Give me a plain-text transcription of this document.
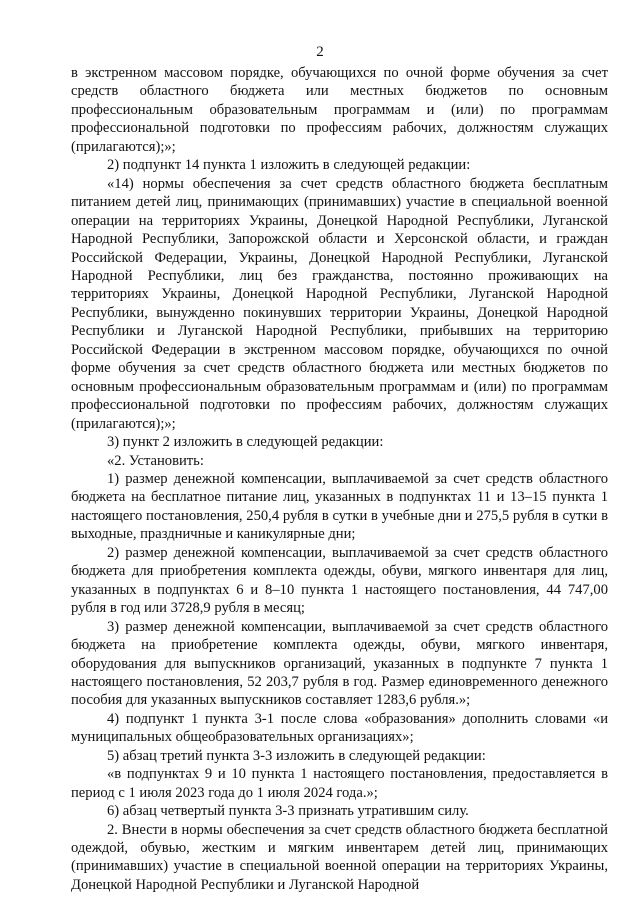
2

в экстренном массовом порядке, обучающихся по очной форме обучения за счет средств областного бюджета или местных бюджетов по основным профессиональным образовательным программам и (или) по программам профессиональной подготовки по профессиям рабочих, должностям служащих (прилагаются);»;

2) подпункт 14 пункта 1 изложить в следующей редакции:

«14) нормы обеспечения за счет средств областного бюджета бесплатным питанием детей лиц, принимающих (принимавших) участие в специальной военной операции на территориях Украины, Донецкой Народной Республики, Луганской Народной Республики, Запорожской области и Херсонской области, и граждан Российской Федерации, Украины, Донецкой Народной Республики, Луганской Народной Республики, лиц без гражданства, постоянно проживающих на территориях Украины, Донецкой Народной Республики, Луганской Народной Республики, вынужденно покинувших территории Украины, Донецкой Народной Республики и Луганской Народной Республики, прибывших на территорию Российской Федерации в экстренном массовом порядке, обучающихся по очной форме обучения за счет средств областного бюджета или местных бюджетов по основным профессиональным образовательным программам и (или) по программам профессиональной подготовки по профессиям рабочих, должностям служащих (прилагаются);»;

3) пункт 2 изложить в следующей редакции:

«2. Установить:

1) размер денежной компенсации, выплачиваемой за счет средств областного бюджета на бесплатное питание лиц, указанных в подпунктах 11 и 13–15 пункта 1 настоящего постановления, 250,4 рубля в сутки в учебные дни и 275,5 рубля в сутки в выходные, праздничные и каникулярные дни;

2) размер денежной компенсации, выплачиваемой за счет средств областного бюджета для приобретения комплекта одежды, обуви, мягкого инвентаря для лиц, указанных в подпунктах 6 и 8–10 пункта 1 настоящего постановления, 44 747,00 рубля в год или 3728,9 рубля в месяц;

3) размер денежной компенсации, выплачиваемой за счет средств областного бюджета на приобретение комплекта одежды, обуви, мягкого инвентаря, оборудования для выпускников организаций, указанных в подпункте 7 пункта 1 настоящего постановления, 52 203,7 рубля в год. Размер единовременного денежного пособия для указанных выпускников составляет 1283,6 рубля.»;

4) подпункт 1 пункта 3-1 после слова «образования» дополнить словами «и муниципальных общеобразовательных организациях»;

5) абзац третий пункта 3-3 изложить в следующей редакции:

«в подпунктах 9 и 10 пункта 1 настоящего постановления, предоставляется в период с 1 июля 2023 года до 1 июля 2024 года.»;

6) абзац четвертый пункта 3-3 признать утратившим силу.

2. Внести в нормы обеспечения за счет средств областного бюджета бесплатной одеждой, обувью, жестким и мягким инвентарем детей лиц, принимающих (принимавших) участие в специальной военной операции на территориях Украины, Донецкой Народной Республики и Луганской Народной
